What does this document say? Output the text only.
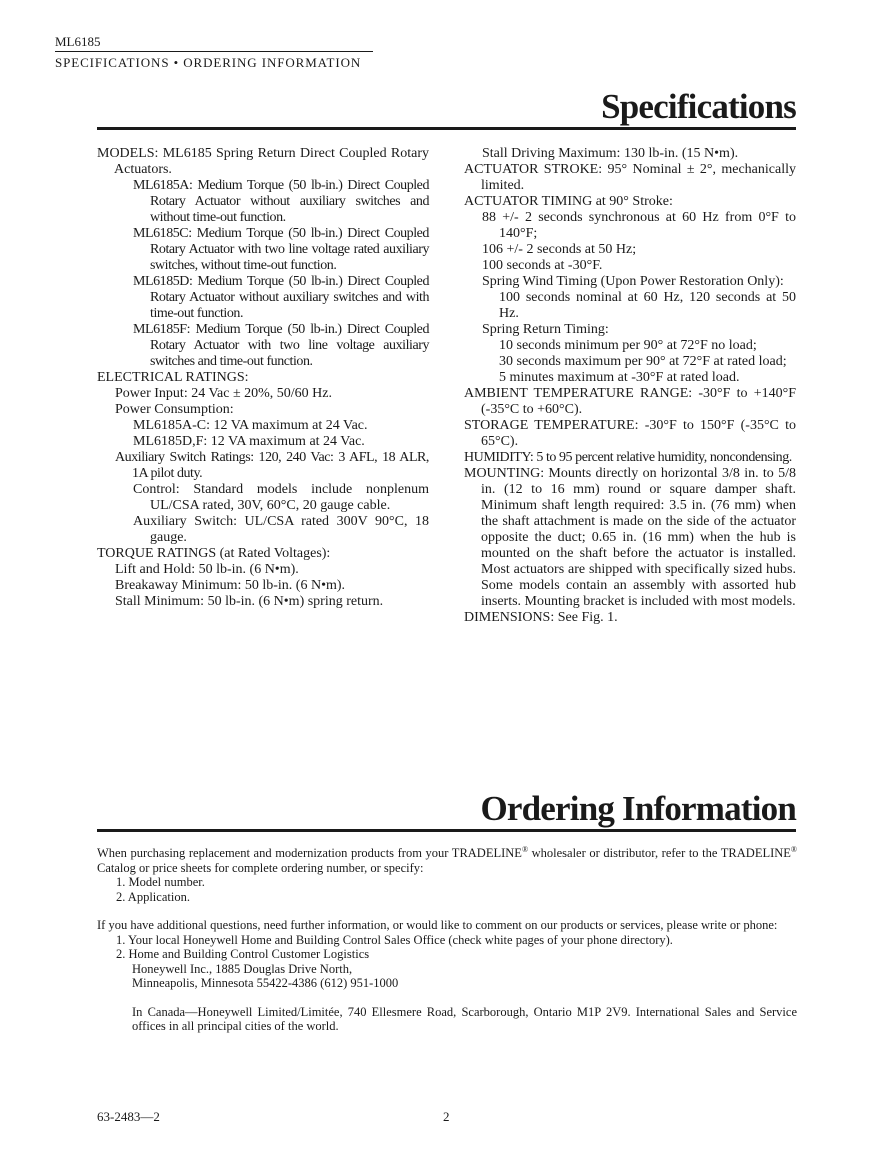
ML6185
SPECIFICATIONS • ORDERING INFORMATION
Specifications

MODELS: ML6185 Spring Return Direct Coupled Rotary Actuators.

ML6185A: Medium Torque (50 lb-in.) Direct Coupled Rotary Actuator without auxiliary switches and without time-out function.

ML6185C: Medium Torque (50 lb-in.) Direct Coupled Rotary Actuator with two line voltage rated auxiliary switches, without time-out function.

ML6185D: Medium Torque (50 lb-in.) Direct Coupled Rotary Actuator without auxiliary switches and with time-out function.

ML6185F: Medium Torque (50 lb-in.) Direct Coupled Rotary Actuator with two line voltage auxiliary switches and time-out function.

ELECTRICAL RATINGS:

Power Input: 24 Vac ± 20%, 50/60 Hz.

Power Consumption:

ML6185A-C: 12 VA maximum at 24 Vac.

ML6185D,F: 12 VA maximum at 24 Vac.

Auxiliary Switch Ratings: 120, 240 Vac: 3 AFL, 18 ALR, 1A pilot duty.

Control: Standard models include nonplenum UL/CSA rated, 30V, 60°C, 20 gauge cable.

Auxiliary Switch: UL/CSA rated 300V 90°C, 18 gauge.

TORQUE RATINGS (at Rated Voltages):

Lift and Hold: 50 lb-in. (6 N•m).

Breakaway Minimum: 50 lb-in. (6 N•m).

Stall Minimum: 50 lb-in. (6 N•m) spring return.

Stall Driving Maximum: 130 lb-in. (15 N•m).

ACTUATOR STROKE: 95° Nominal ± 2°, mechanically limited.

ACTUATOR TIMING at 90° Stroke:

88 +/- 2 seconds synchronous at 60 Hz from 0°F to 140°F;

106 +/- 2 seconds at 50 Hz;

100 seconds at -30°F.

Spring Wind Timing (Upon Power Restoration Only):

100 seconds nominal at 60 Hz, 120 seconds at 50 Hz.

Spring Return Timing:

10 seconds minimum per 90° at 72°F no load;

30 seconds maximum per 90° at 72°F at rated load;

5 minutes maximum at -30°F at rated load.

AMBIENT TEMPERATURE RANGE: -30°F to +140°F (-35°C to +60°C).

STORAGE TEMPERATURE: -30°F to 150°F (-35°C to 65°C).

HUMIDITY: 5 to 95 percent relative humidity, noncondensing.

MOUNTING: Mounts directly on horizontal 3/8 in. to 5/8 in. (12 to 16 mm) round or square damper shaft. Minimum shaft length required: 3.5 in. (76 mm) when the shaft attachment is made on the side of the actuator opposite the duct; 0.65 in. (16 mm) when the hub is mounted on the shaft before the actuator is installed. Most actuators are shipped with specifically sized hubs. Some models contain an assembly with assorted hub inserts. Mounting bracket is included with most models.

DIMENSIONS: See Fig. 1.

Ordering Information

When purchasing replacement and modernization products from your TRADELINE® wholesaler or distributor, refer to the TRADELINE® Catalog or price sheets for complete ordering number, or specify:

1. Model number.

2. Application.

If you have additional questions, need further information, or would like to comment on our products or services, please write or phone:

1. Your local Honeywell Home and Building Control Sales Office (check white pages of your phone directory).

2. Home and Building Control Customer Logistics

Honeywell Inc., 1885 Douglas Drive North,

Minneapolis, Minnesota 55422-4386 (612) 951-1000

In Canada—Honeywell Limited/Limitée, 740 Ellesmere Road, Scarborough, Ontario M1P 2V9. International Sales and Service offices in all principal cities of the world.

63-2483—2	2
